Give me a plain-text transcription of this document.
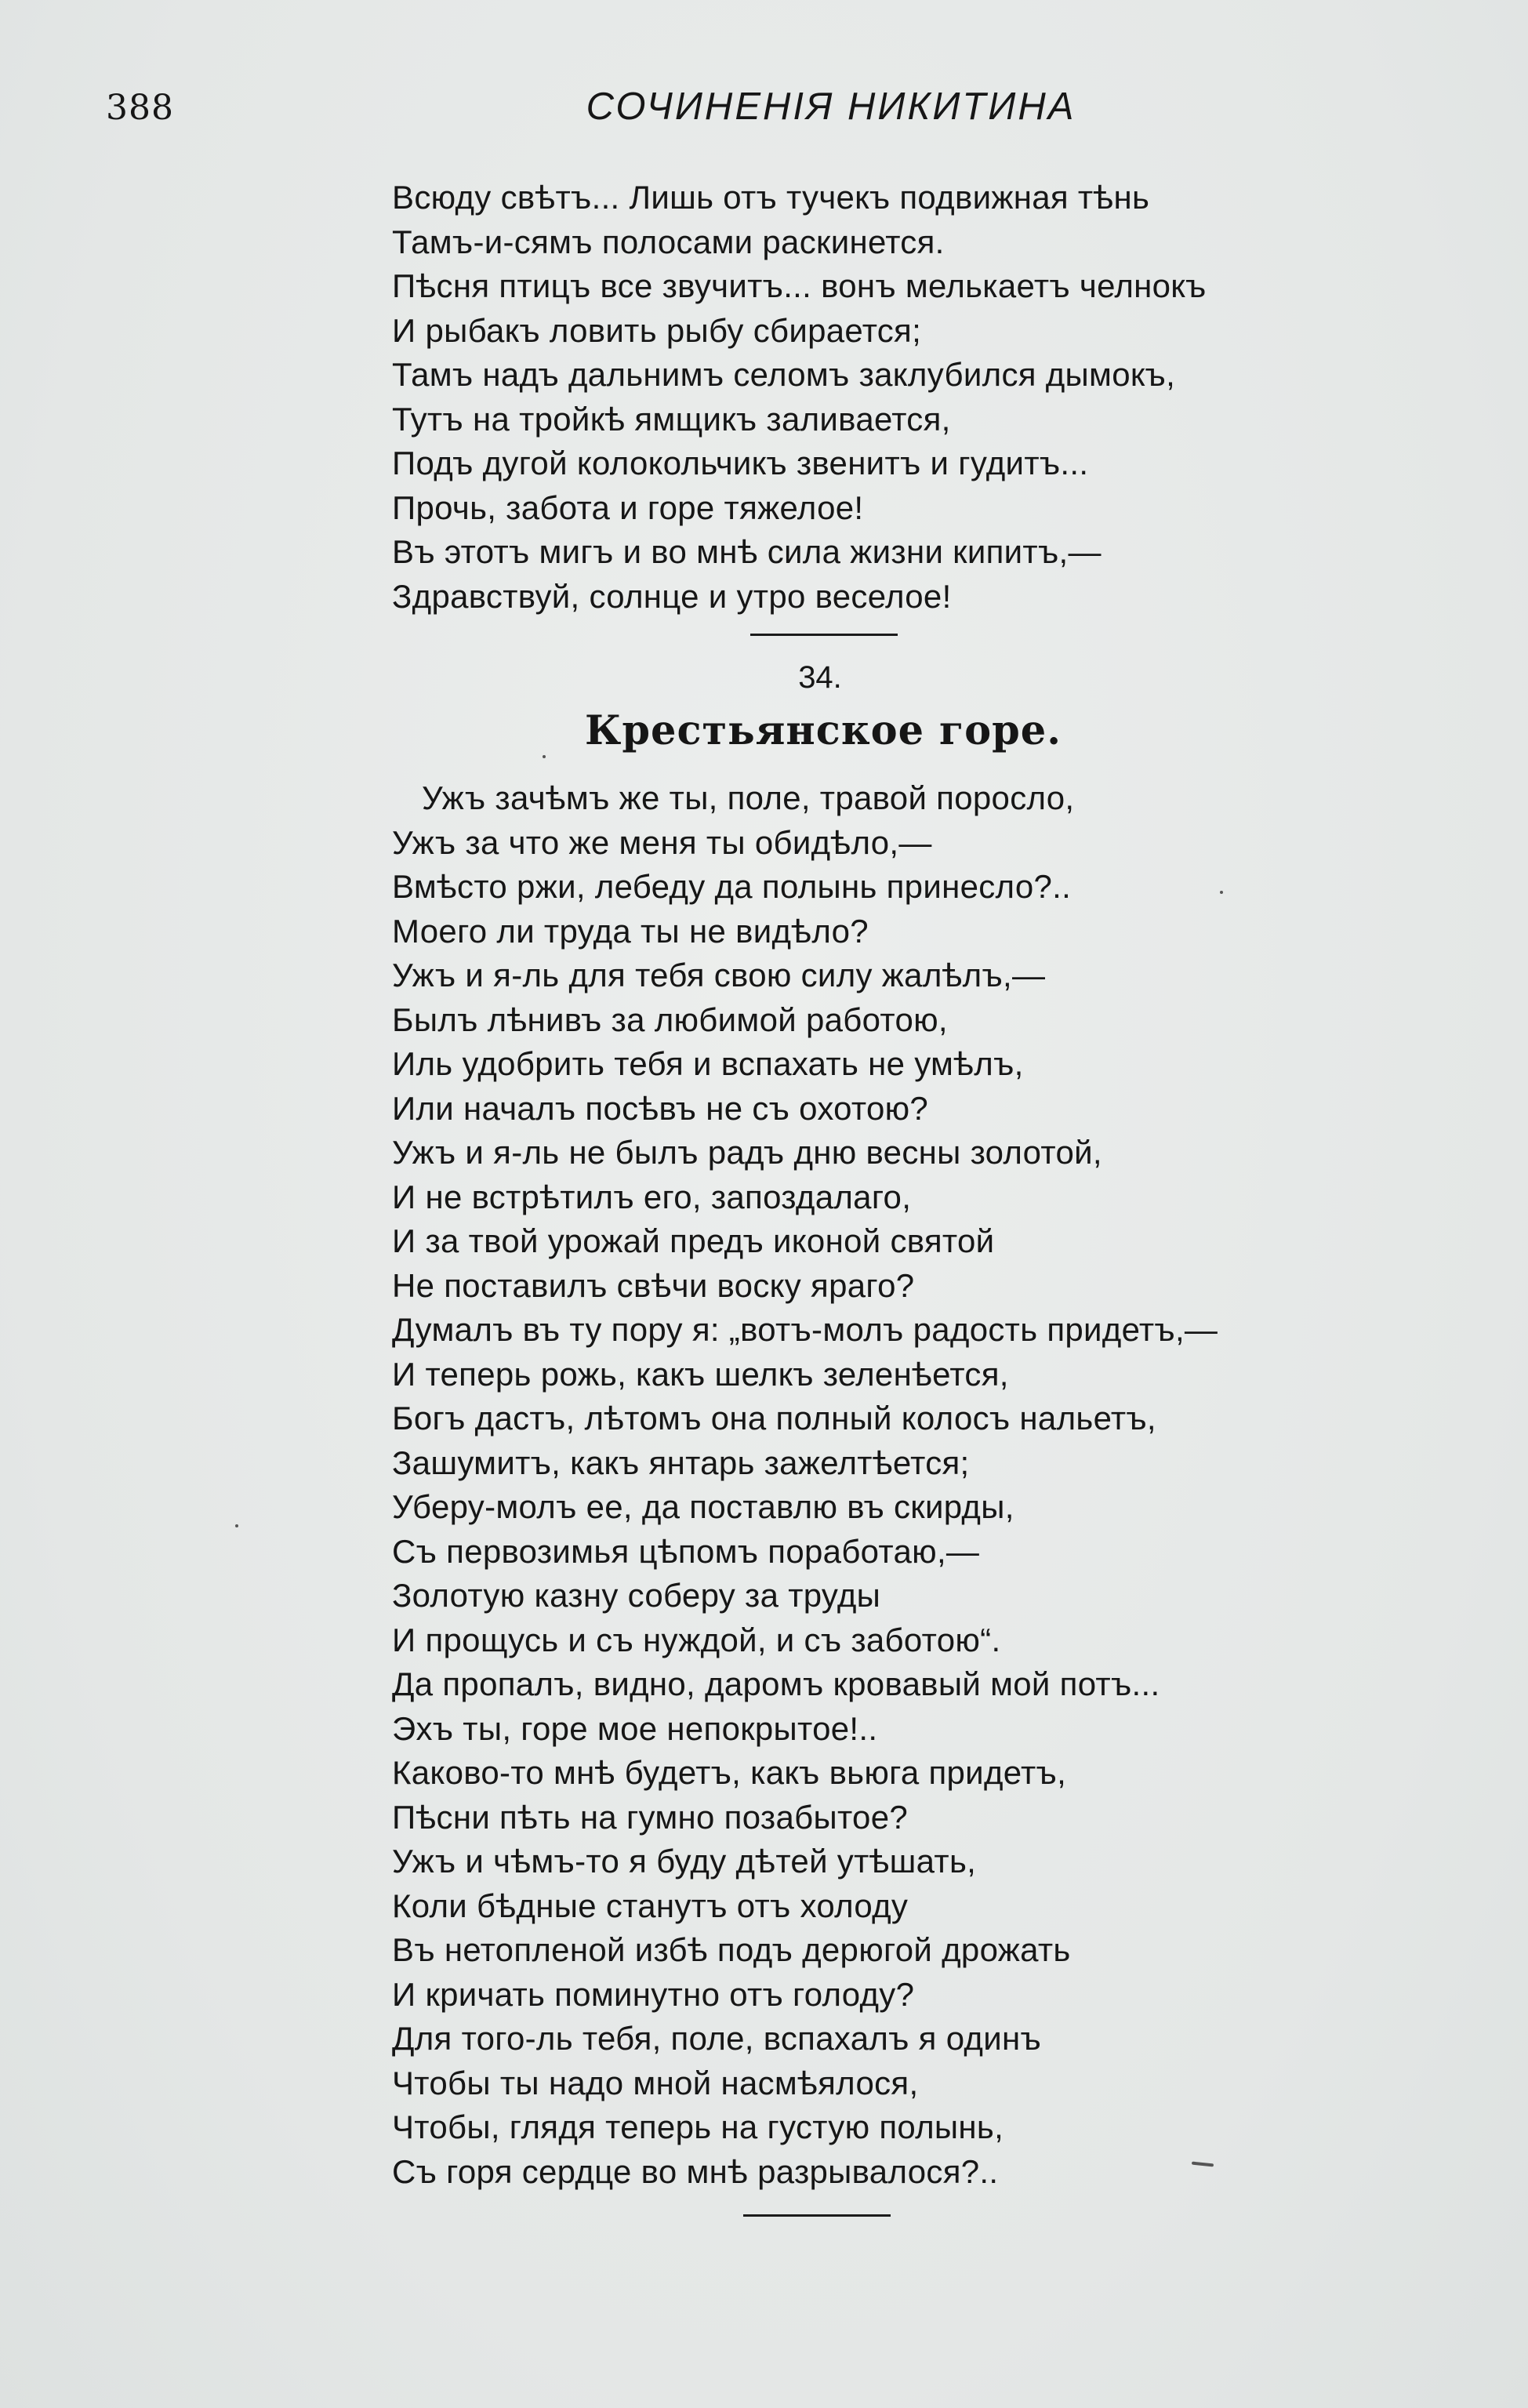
388	СОЧИНЕНІЯ НИКИТИНА
Всюду свѣтъ... Лишь отъ тучекъ подвижная тѣнь
Тамъ-и-сямъ полосами раскинется.
Пѣсня птицъ все звучитъ... вонъ мелькаетъ челнокъ
И рыбакъ ловить рыбу сбирается;
Тамъ надъ дальнимъ селомъ заклубился дымокъ,
Тутъ на тройкѣ ямщикъ заливается,
Подъ дугой колокольчикъ звенитъ и гудитъ...
Прочь, забота и горе тяжелое!
Въ этотъ мигъ и во мнѣ сила жизни кипитъ,—
Здравствуй, солнце и утро веселое!
34.
Крестьянское горе.
Ужъ зачѣмъ же ты, поле, травой поросло,
Ужъ за что же меня ты обидѣло,—
Вмѣсто ржи, лебеду да полынь принесло?..
Моего ли труда ты не видѣло?
Ужъ и я-ль для тебя свою силу жалѣлъ,—
Былъ лѣнивъ за любимой работою,
Иль удобрить тебя и вспахать не умѣлъ,
Или началъ посѣвъ не съ охотою?
Ужъ и я-ль не былъ радъ дню весны золотой,
И не встрѣтилъ его, запоздалаго,
И за твой урожай предъ иконой святой
Не поставилъ свѣчи воску яраго?
Думалъ въ ту пору я: „вотъ-молъ радость придетъ,—
И теперь рожь, какъ шелкъ зеленѣется,
Богъ дастъ, лѣтомъ она полный колосъ нальетъ,
Зашумитъ, какъ янтарь зажелтѣется;
Уберу-молъ ее, да поставлю въ скирды,
Съ первозимья цѣпомъ поработаю,—
Золотую казну соберу за труды
И прощусь и съ нуждой, и съ заботою“.
Да пропалъ, видно, даромъ кровавый мой потъ...
Эхъ ты, горе мое непокрытое!..
Каково-то мнѣ будетъ, какъ вьюга придетъ,
Пѣсни пѣть на гумно позабытое?
Ужъ и чѣмъ-то я буду дѣтей утѣшать,
Коли бѣдные станутъ отъ холоду
Въ нетопленой избѣ подъ дерюгой дрожать
И кричать поминутно отъ голоду?
Для того-ль тебя, поле, вспахалъ я одинъ
Чтобы ты надо мной насмѣялося,
Чтобы, глядя теперь на густую полынь,
Съ горя сердце во мнѣ разрывалося?..
